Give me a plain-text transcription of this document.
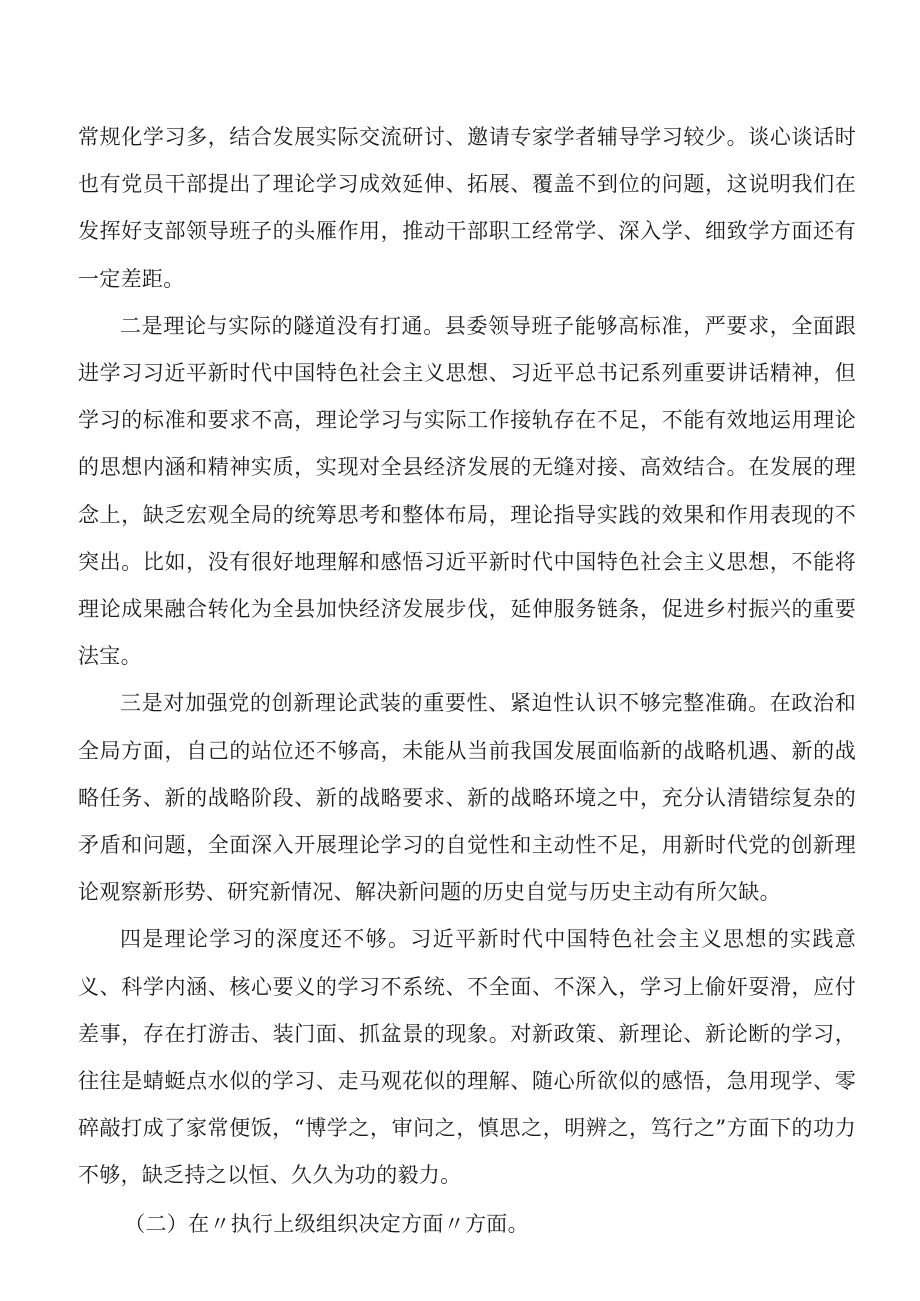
常规化学习多，结合发展实际交流研讨、邀请专家学者辅导学习较少。谈心谈话时也有党员干部提出了理论学习成效延伸、拓展、覆盖不到位的问题，这说明我们在发挥好支部领导班子的头雁作用，推动干部职工经常学、深入学、细致学方面还有一定差距。

二是理论与实际的隧道没有打通。县委领导班子能够高标准，严要求，全面跟进学习习近平新时代中国特色社会主义思想、习近平总书记系列重要讲话精神，但学习的标准和要求不高，理论学习与实际工作接轨存在不足，不能有效地运用理论的思想内涵和精神实质，实现对全县经济发展的无缝对接、高效结合。在发展的理念上，缺乏宏观全局的统筹思考和整体布局，理论指导实践的效果和作用表现的不突出。比如，没有很好地理解和感悟习近平新时代中国特色社会主义思想，不能将理论成果融合转化为全县加快经济发展步伐，延伸服务链条，促进乡村振兴的重要法宝。

三是对加强党的创新理论武装的重要性、紧迫性认识不够完整准确。在政治和全局方面，自己的站位还不够高，未能从当前我国发展面临新的战略机遇、新的战略任务、新的战略阶段、新的战略要求、新的战略环境之中，充分认清错综复杂的矛盾和问题，全面深入开展理论学习的自觉性和主动性不足，用新时代党的创新理论观察新形势、研究新情况、解决新问题的历史自觉与历史主动有所欠缺。

四是理论学习的深度还不够。习近平新时代中国特色社会主义思想的实践意义、科学内涵、核心要义的学习不系统、不全面、不深入，学习上偷奸耍滑，应付差事，存在打游击、装门面、抓盆景的现象。对新政策、新理论、新论断的学习，往往是蜻蜓点水似的学习、走马观花似的理解、随心所欲似的感悟，急用现学、零碎敲打成了家常便饭，“博学之，审问之，慎思之，明辨之，笃行之”方面下的功力不够，缺乏持之以恒、久久为功的毅力。

（二）在〃执行上级组织决定方面〃方面。
